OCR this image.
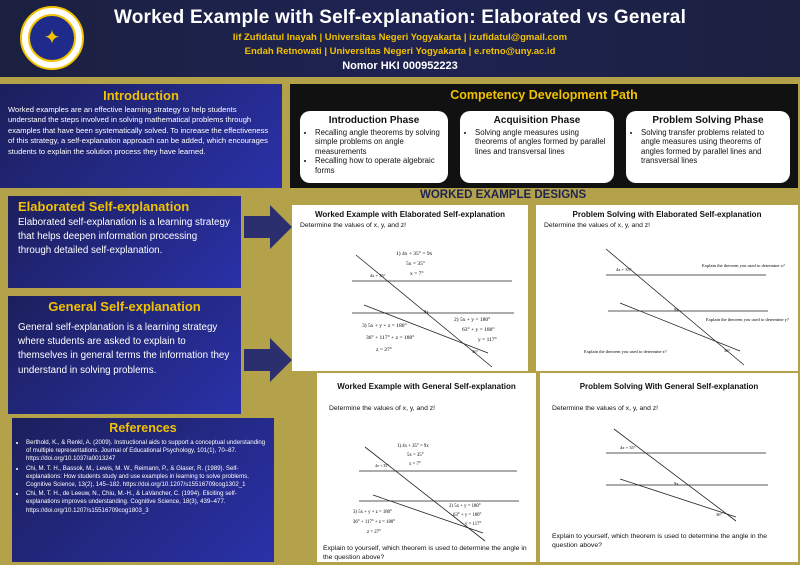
✦
Worked Example with Self-explanation: Elaborated vs General
Iif Zufidatul Inayah | Universitas Negeri Yogyakarta | izufidatul@gmail.com
Endah Retnowati | Universitas Negeri Yogyakarta | e.retno@uny.ac.id
Nomor HKI 000952223
Introduction
Worked examples are an effective learning strategy to help students understand the steps involved in solving mathematical problems through examples that have been systematically solved. To increase the effectiveness of this strategy, a self-explanation approach can be added, which encourages students to explain the solution process they have learned.
Competency Development Path
Introduction Phase
• Recalling angle theorems by solving simple problems on angle measurements
• Recalling how to operate algebraic forms
Acquisition Phase
• Solving angle measures using theorems of angles formed by parallel lines and transversal lines
Problem Solving Phase
• Solving transfer problems related to angle measures using theorems of angles formed by parallel lines and transversal lines
WORKED EXAMPLE DESIGNS
Elaborated Self-explanation
Elaborated self-explanation is a learning strategy that helps deepen information processing through detailed self-explanation.
General Self-explanation
General self-explanation is a learning strategy where students are asked to explain to themselves in general terms the information they understand in solving problems.
References
• Berthold, K., & Renkl, A. (2009). Instructional aids to support a conceptual understanding of multiple representations. Journal of Educational Psychology, 101(1), 70–87. https://doi.org/10.1037/a0013247
• Chi, M. T. H., Bassok, M., Lewis, M. W., Reimann, P., & Glaser, R. (1989). Self-explanations: How students study and use examples in learning to solve problems. Cognitive Science, 13(2), 145–182. https://doi.org/10.1207/s15516709cog1302_1
• Chi, M. T. H., de Leeuw, N., Chiu, M.-H., & LaVancher, C. (1994). Eliciting self-explanations improves understanding. Cognitive Science, 18(3), 439–477. https://doi.org/10.1207/s15516709cog1803_3
Worked Example with Elaborated Self-explanation
Determine the values of x, y, and z!
1) 4x + 35° = 9x
5x = 35°
x = 7°
4x + 35°
9x
2) 5x + y = 180°
63° + y = 180°
y = 117°
3) 5x + y + z = 180°
36° + 117° + z = 180°
z = 27°	36°
Problem Solving with Elaborated Self-explanation
Determine the values of x, y, and z!
4x + 35°
9x
Explain the theorem you used to determine x?
Explain the theorem you used to determine y?
Explain the theorem you used to determine z?	36°
Worked Example with General Self-explanation
Determine the values of x, y, and z!
1) 4x + 35° = 9x
5x = 35°
x = 7°
4x + 35°
2) 5x + y = 180°
63° + y = 180°
y = 117°
3) 5x + y + z = 180°
36° + 117° + z = 180°
z = 27°
Explain to yourself, which theorem is used to determine the angle in the question above?
Problem Solving With General Self-explanation
Determine the values of x, y, and z!
4x + 35°
9x
36°
Explain to yourself, which theorem is used to determine the angle in the question above?
